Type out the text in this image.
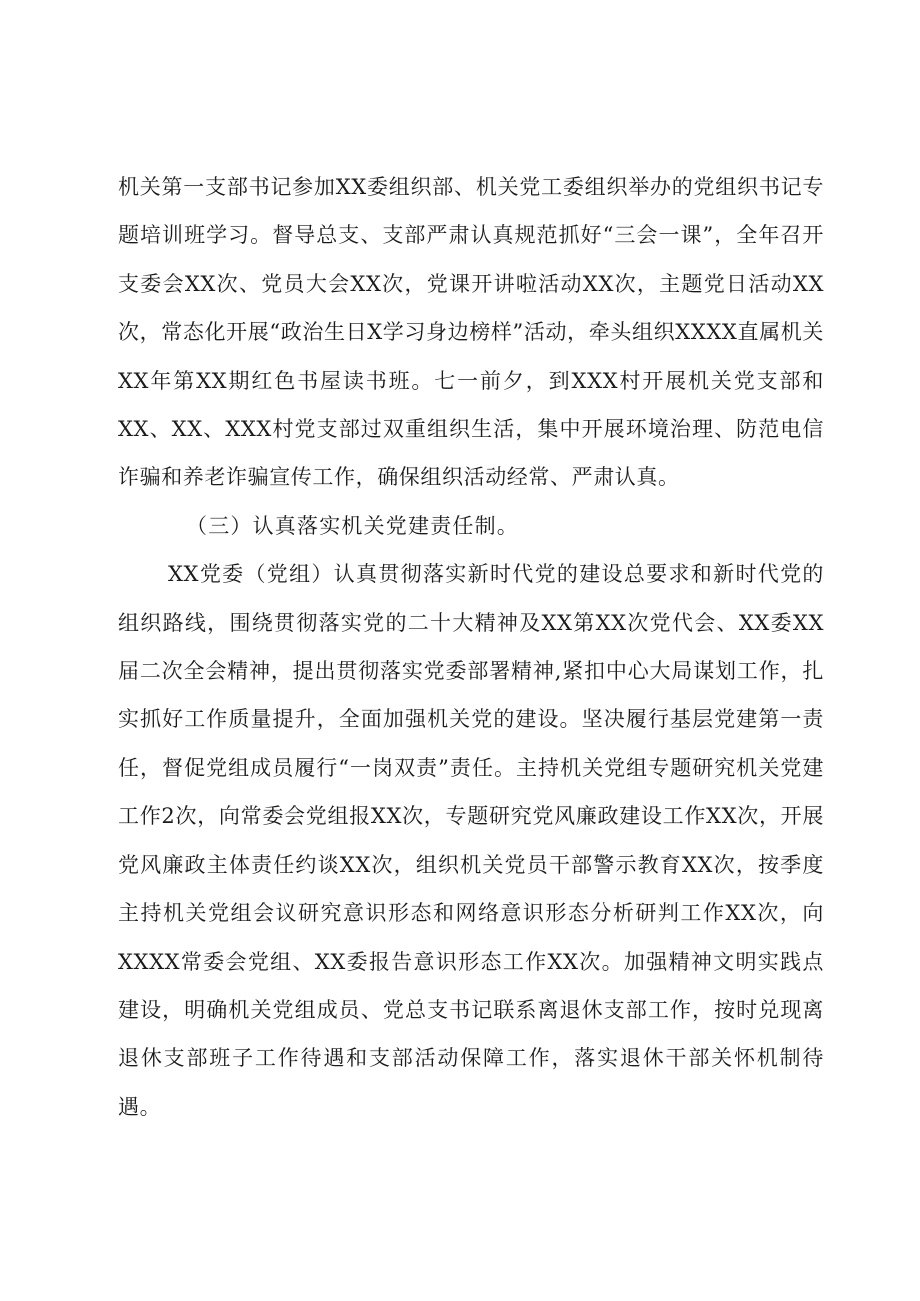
机关第一支部书记参加XX委组织部、机关党工委组织举办的党组织书记专题培训班学习。督导总支、支部严肃认真规范抓好“三会一课”，全年召开支委会XX次、党员大会XX次，党课开讲啦活动XX次，主题党日活动XX次，常态化开展“政治生日X学习身边榜样”活动，牵头组织XXXX直属机关XX年第XX期红色书屋读书班。七一前夕，到XXX村开展机关党支部和XX、XX、XXX村党支部过双重组织生活，集中开展环境治理、防范电信诈骗和养老诈骗宣传工作，确保组织活动经常、严肃认真。

（三）认真落实机关党建责任制。

XX党委（党组）认真贯彻落实新时代党的建设总要求和新时代党的组织路线，围绕贯彻落实党的二十大精神及XX第XX次党代会、XX委XX届二次全会精神，提出贯彻落实党委部署精神,紧扣中心大局谋划工作，扎实抓好工作质量提升，全面加强机关党的建设。坚决履行基层党建第一责任，督促党组成员履行“一岗双责”责任。主持机关党组专题研究机关党建工作2次，向常委会党组报XX次，专题研究党风廉政建设工作XX次，开展党风廉政主体责任约谈XX次，组织机关党员干部警示教育XX次，按季度主持机关党组会议研究意识形态和网络意识形态分析研判工作XX次，向XXXX常委会党组、XX委报告意识形态工作XX次。加强精神文明实践点建设，明确机关党组成员、党总支书记联系离退休支部工作，按时兑现离退休支部班子工作待遇和支部活动保障工作，落实退休干部关怀机制待遇。
